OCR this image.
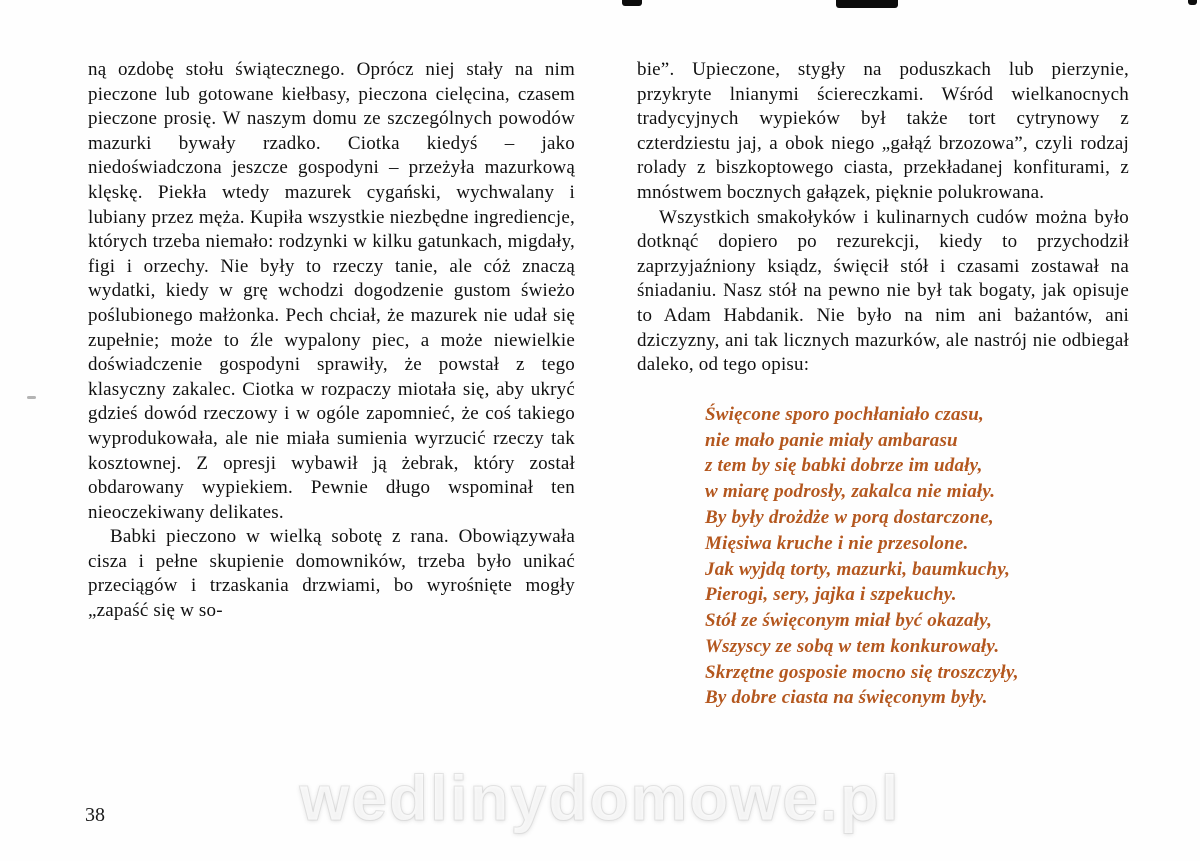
ną ozdobę stołu świątecznego. Oprócz niej stały na nim pieczone lub gotowane kiełbasy, pieczona cielęcina, czasem pieczone prosię. W naszym domu ze szczególnych powodów mazurki bywały rzadko. Ciotka kiedyś – jako niedoświadczona jeszcze gospodyni – przeżyła mazurkową klęskę. Piekła wtedy mazurek cygański, wychwalany i lubiany przez męża. Kupiła wszystkie niezbędne ingrediencje, których trzeba niemało: rodzynki w kilku gatunkach, migdały, figi i orzechy. Nie były to rzeczy tanie, ale cóż znaczą wydatki, kiedy w grę wchodzi dogodzenie gustom świeżo poślubionego małżonka. Pech chciał, że mazurek nie udał się zupełnie; może to źle wypalony piec, a może niewielkie doświadczenie gospodyni sprawiły, że powstał z tego klasyczny zakalec. Ciotka w rozpaczy miotała się, aby ukryć gdzieś dowód rzeczowy i w ogóle zapomnieć, że coś takiego wyprodukowała, ale nie miała sumienia wyrzucić rzeczy tak kosztownej. Z opresji wybawił ją żebrak, który został obdarowany wypiekiem. Pewnie długo wspominał ten nieoczekiwany delikates.

Babki pieczono w wielką sobotę z rana. Obowiązywała cisza i pełne skupienie domowników, trzeba było unikać przeciągów i trzaskania drzwiami, bo wyrośnięte mogły „zapaść się w so-

bie”. Upieczone, stygły na poduszkach lub pierzynie, przykryte lnianymi ściereczkami. Wśród wielkanocnych tradycyjnych wypieków był także tort cytrynowy z czterdziestu jaj, a obok niego „gałąź brzozowa”, czyli rodzaj rolady z biszkoptowego ciasta, przekładanej konfiturami, z mnóstwem bocznych gałązek, pięknie polukrowana.

Wszystkich smakołyków i kulinarnych cudów można było dotknąć dopiero po rezurekcji, kiedy to przychodził zaprzyjaźniony ksiądz, święcił stół i czasami zostawał na śniadaniu. Nasz stół na pewno nie był tak bogaty, jak opisuje to Adam Habdanik. Nie było na nim ani bażantów, ani dziczyzny, ani tak licznych mazurków, ale nastrój nie odbiegał daleko, od tego opisu:

Święcone sporo pochłaniało czasu,
nie mało panie miały ambarasu
z tem by się babki dobrze im udały,
w miarę podrosły, zakalca nie miały.
By były drożdże w porą dostarczone,
Mięsiwa kruche i nie przesolone.
Jak wyjdą torty, mazurki, baumkuchy,
Pierogi, sery, jajka i szpekuchy.
Stół ze święconym miał być okazały,
Wszyscy ze sobą w tem konkurowały.
Skrzętne gosposie mocno się troszczyły,
By dobre ciasta na święconym były.
38	wedlinydomowe.pl
